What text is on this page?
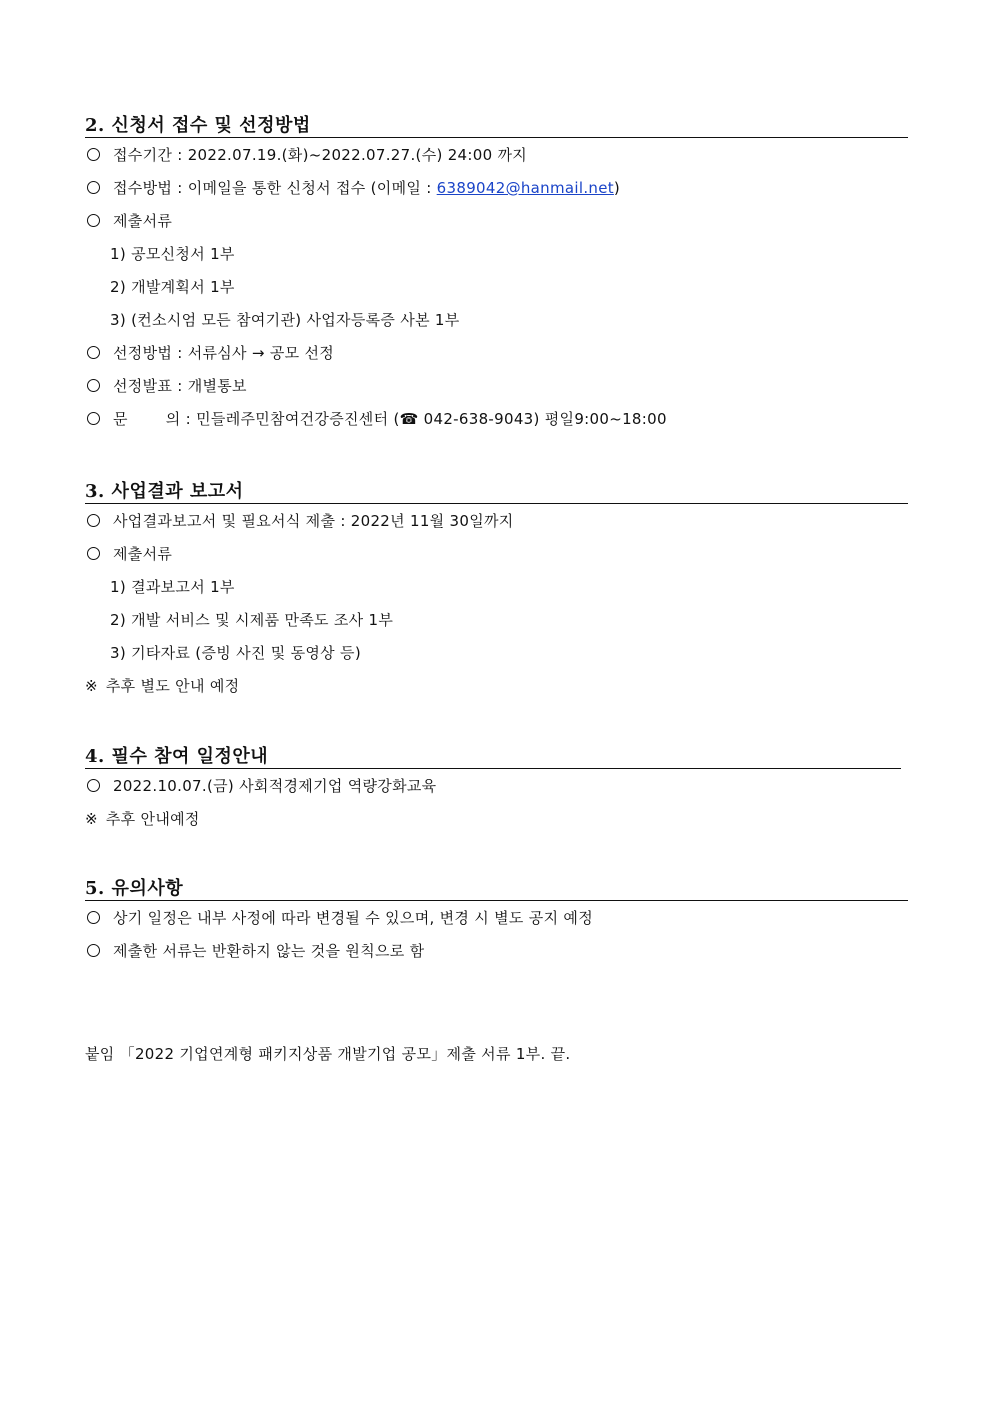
2. 신청서 접수 및 선정방법
접수기간 : 2022.07.19.(화)~2022.07.27.(수) 24:00 까지
접수방법 : 이메일을 통한 신청서 접수 (이메일 : 6389042@hanmail.net)
제출서류
1) 공모신청서 1부
2) 개발계획서 1부
3) (컨소시엄 모든 참여기관) 사업자등록증 사본 1부
선정방법 : 서류심사 → 공모 선정
선정발표 : 개별통보
문	의 : 민들레주민참여건강증진센터 (☎ 042-638-9043) 평일9:00~18:00
3. 사업결과 보고서
사업결과보고서 및 필요서식 제출 : 2022년 11월 30일까지
제출서류
1) 결과보고서 1부
2) 개발 서비스 및 시제품 만족도 조사 1부
3) 기타자료 (증빙 사진 및 동영상 등)
※ 추후 별도 안내 예정
4. 필수 참여 일정안내
2022.10.07.(금) 사회적경제기업 역량강화교육
※ 추후 안내예정
5. 유의사항
상기 일정은 내부 사정에 따라 변경될 수 있으며, 변경 시 별도 공지 예정
제출한 서류는 반환하지 않는 것을 원칙으로 함
붙임 「2022 기업연계형 패키지상품 개발기업 공모」제출 서류 1부. 끝.
